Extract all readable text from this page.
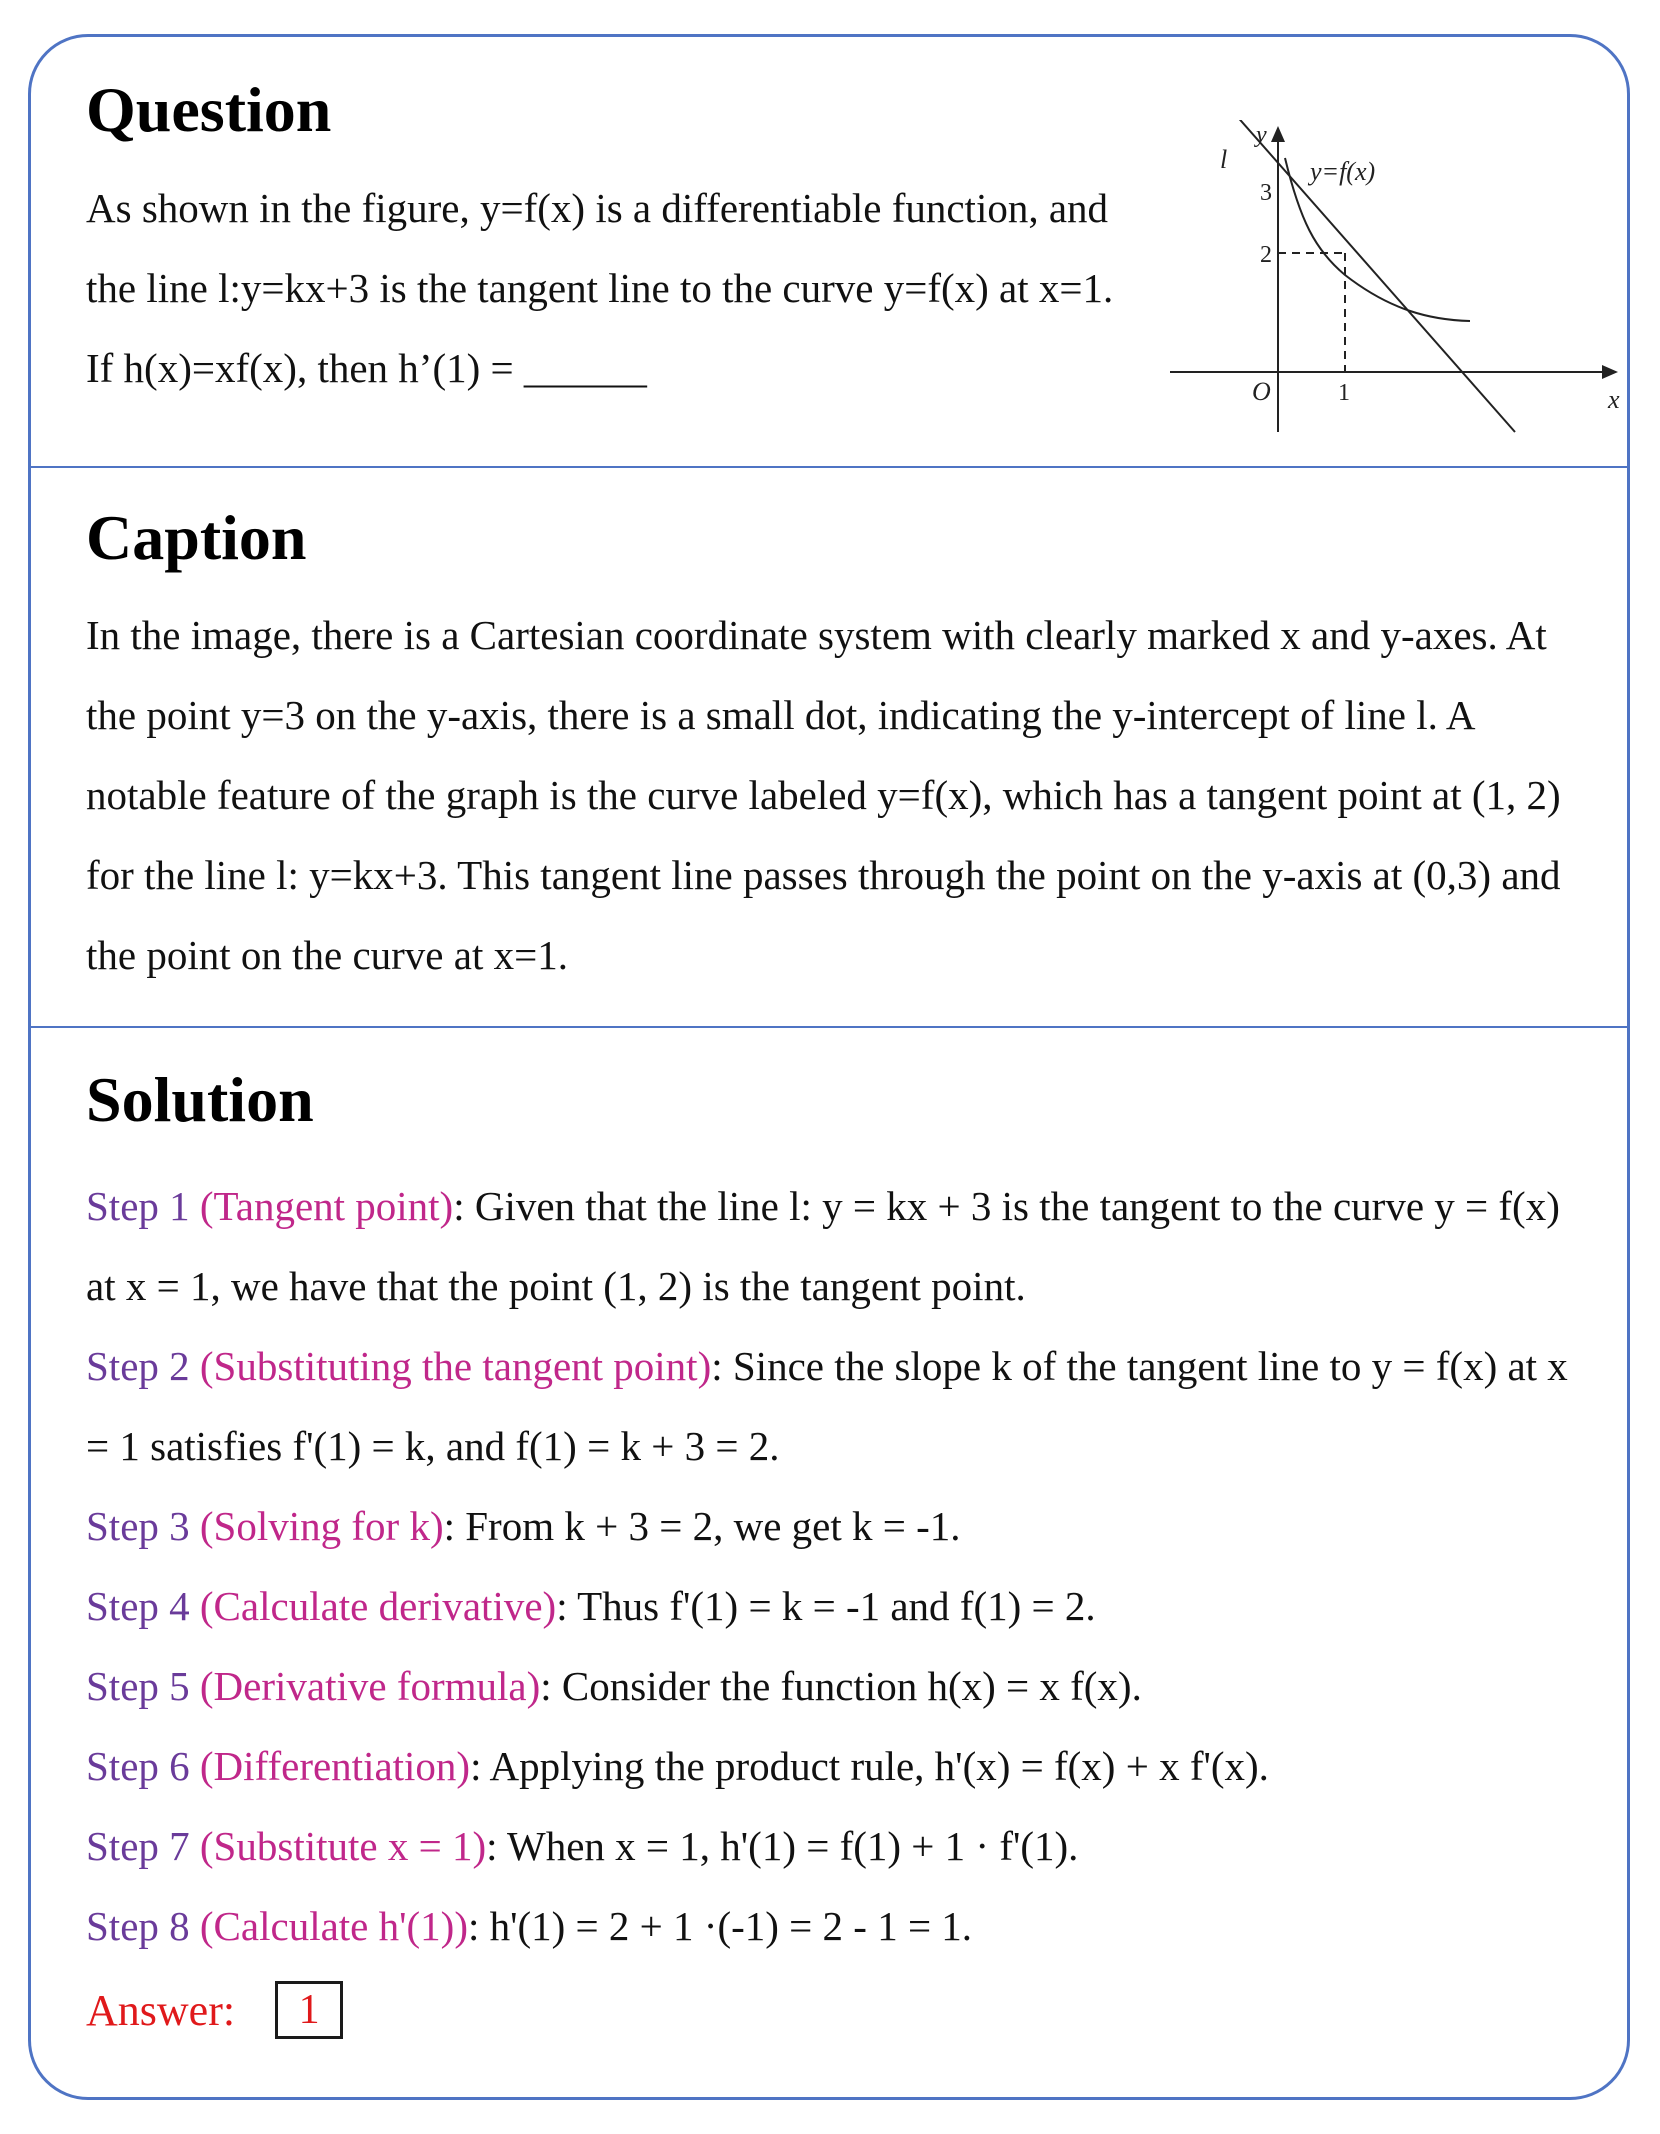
Question

As shown in the figure, y=f(x) is a differentiable function, and the line l:y=kx+3 is the tangent line to the curve y=f(x) at x=1. If h(x)=xf(x), then h’(1) = ______

l
y
3
2
y=f(x)
O	1	x
Caption

In the image, there is a Cartesian coordinate system with clearly marked x and y-axes. At the point y=3 on the y-axis, there is a small dot, indicating the y-intercept of line l. A notable feature of the graph is the curve labeled y=f(x), which has a tangent point at (1, 2) for the line l: y=kx+3. This tangent line passes through the point on the y-axis at (0,3) and the point on the curve at x=1.

Solution
Step 1 (Tangent point): Given that the line l: y = kx + 3 is the tangent to the curve y = f(x) at x = 1, we have that the point (1, 2) is the tangent point.
Step 2 (Substituting the tangent point): Since the slope k of the tangent line to y = f(x) at x = 1 satisfies f'(1) = k, and f(1) = k + 3 = 2.
Step 3 (Solving for k): From k + 3 = 2, we get k = -1.
Step 4 (Calculate derivative): Thus f'(1) = k = -1 and f(1) = 2.
Step 5 (Derivative formula): Consider the function h(x) = x f(x).
Step 6 (Differentiation): Applying the product rule, h'(x) = f(x) + x f'(x).
Step 7 (Substitute x = 1): When x = 1, h'(1) = f(1) + 1 · f'(1).
Step 8 (Calculate h'(1)): h'(1) = 2 + 1 ·(-1) = 2 - 1 = 1.
Answer:	1
